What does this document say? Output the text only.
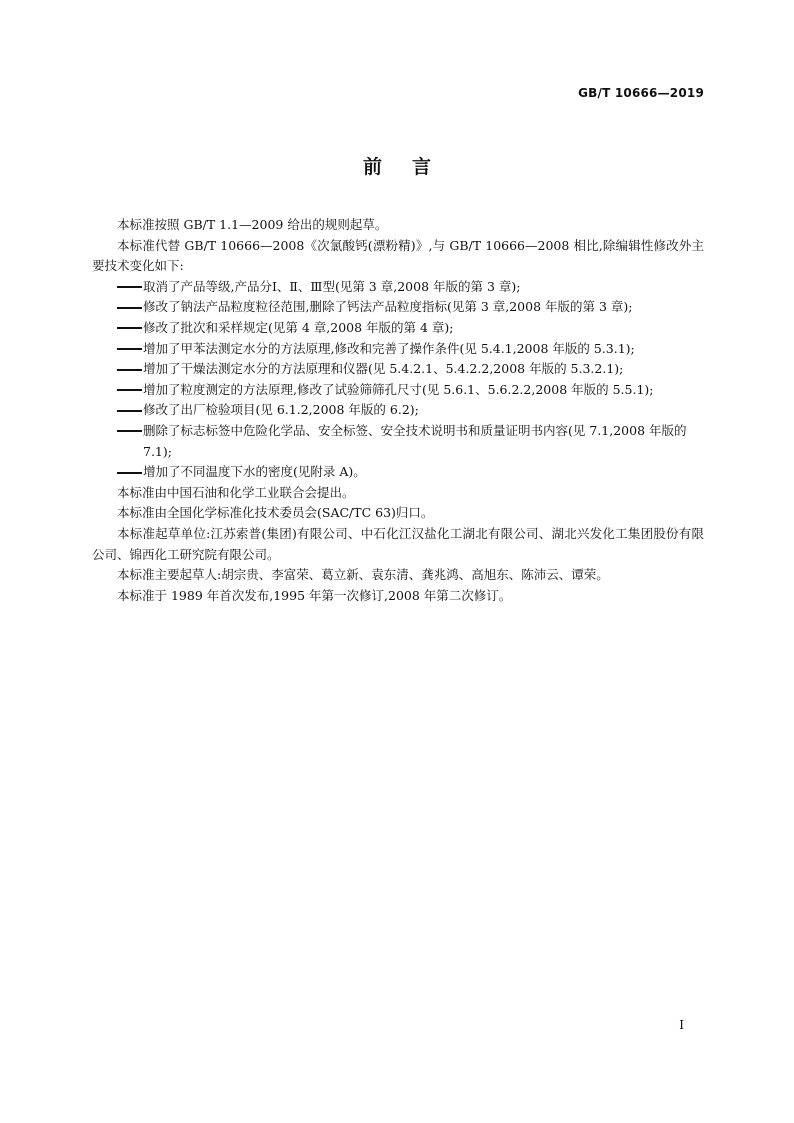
GB/T 10666—2019
前言

本标准按照 GB/T 1.1—2009 给出的规则起草。

本标准代替 GB/T 10666—2008《次氯酸钙(漂粉精)》,与 GB/T 10666—2008 相比,除编辑性修改外主要技术变化如下:

取消了产品等级,产品分Ⅰ、Ⅱ、Ⅲ型(见第 3 章,2008 年版的第 3 章);

修改了钠法产品粒度粒径范围,删除了钙法产品粒度指标(见第 3 章,2008 年版的第 3 章);

修改了批次和采样规定(见第 4 章,2008 年版的第 4 章);

增加了甲苯法测定水分的方法原理,修改和完善了操作条件(见 5.4.1,2008 年版的 5.3.1);

增加了干燥法测定水分的方法原理和仪器(见 5.4.2.1、5.4.2.2,2008 年版的 5.3.2.1);

增加了粒度测定的方法原理,修改了试验筛筛孔尺寸(见 5.6.1、5.6.2.2,2008 年版的 5.5.1);

修改了出厂检验项目(见 6.1.2,2008 年版的 6.2);

删除了标志标签中危险化学品、安全标签、安全技术说明书和质量证明书内容(见 7.1,2008 年版的 7.1);

增加了不同温度下水的密度(见附录 A)。

本标准由中国石油和化学工业联合会提出。

本标准由全国化学标准化技术委员会(SAC/TC 63)归口。

本标准起草单位:江苏索普(集团)有限公司、中石化江汉盐化工湖北有限公司、湖北兴发化工集团股份有限公司、锦西化工研究院有限公司。

本标准主要起草人:胡宗贵、李富荣、葛立新、袁东清、龚兆鸿、高旭东、陈沛云、谭荣。

本标准于 1989 年首次发布,1995 年第一次修订,2008 年第二次修订。

I
